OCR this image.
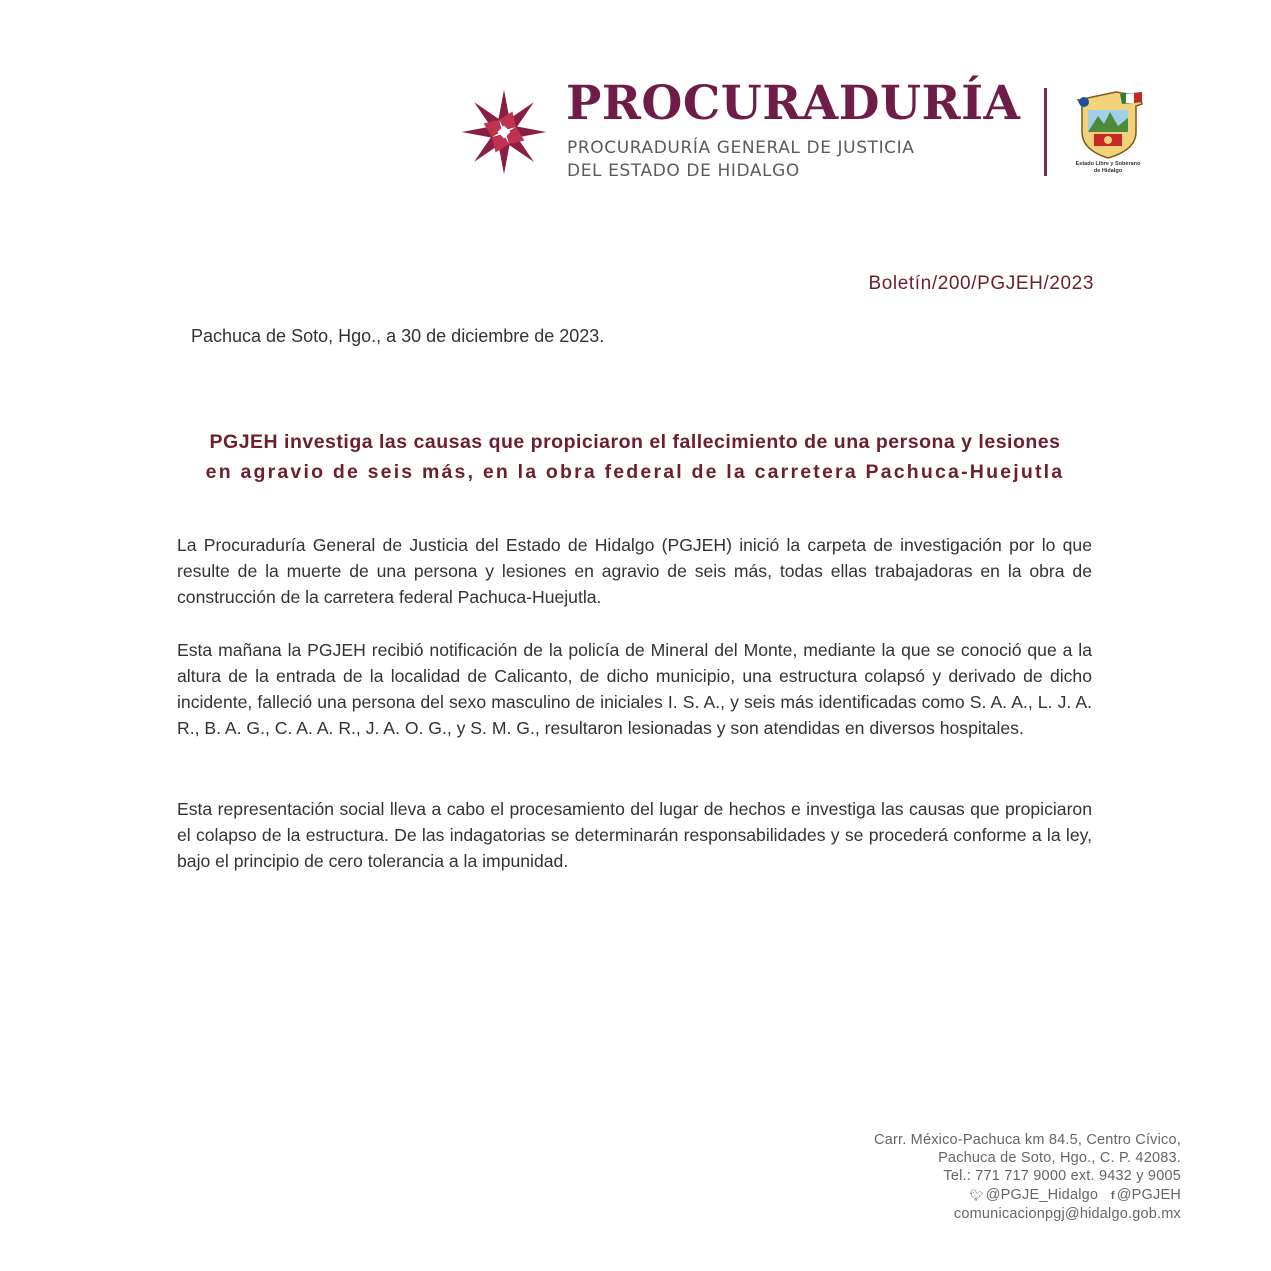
PROCURADURÍA
PROCURADURÍA GENERAL DE JUSTICIA
DEL ESTADO DE HIDALGO	Estado Libre y Soberano
de Hidalgo
Boletín/200/PGJEH/2023
Pachuca de Soto, Hgo., a 30 de diciembre de 2023.
PGJEH investiga las causas que propiciaron el fallecimiento de una persona y lesiones
en agravio de seis más, en la obra federal de la carretera Pachuca-Huejutla

La Procuraduría General de Justicia del Estado de Hidalgo (PGJEH) inició la carpeta de investigación por lo que resulte de la muerte de una persona y lesiones en agravio de seis más, todas ellas trabajadoras en la obra de construcción de la carretera federal Pachuca-Huejutla.

Esta mañana la PGJEH recibió notificación de la policía de Mineral del Monte, mediante la que se conoció que a la altura de la entrada de la localidad de Calicanto, de dicho municipio, una estructura colapsó y derivado de dicho incidente, falleció una persona del sexo masculino de iniciales I. S. A., y seis más identificadas como S. A. A., L. J. A. R., B. A. G., C. A. A. R., J. A. O. G., y S. M. G., resultaron lesionadas y son atendidas en diversos hospitales.

Esta representación social lleva a cabo el procesamiento del lugar de hechos e investiga las causas que propiciaron el colapso de la estructura. De las indagatorias se determinarán responsabilidades y se procederá conforme a la ley, bajo el principio de cero tolerancia a la impunidad.

Carr. México-Pachuca km 84.5, Centro Cívico,
Pachuca de Soto, Hgo., C. P. 42083.
Tel.: 771 717 9000 ext. 9432 y 9005
🐦︎ @PGJE_Hidalgo f @PGJEH
comunicacionpgj@hidalgo.gob.mx
